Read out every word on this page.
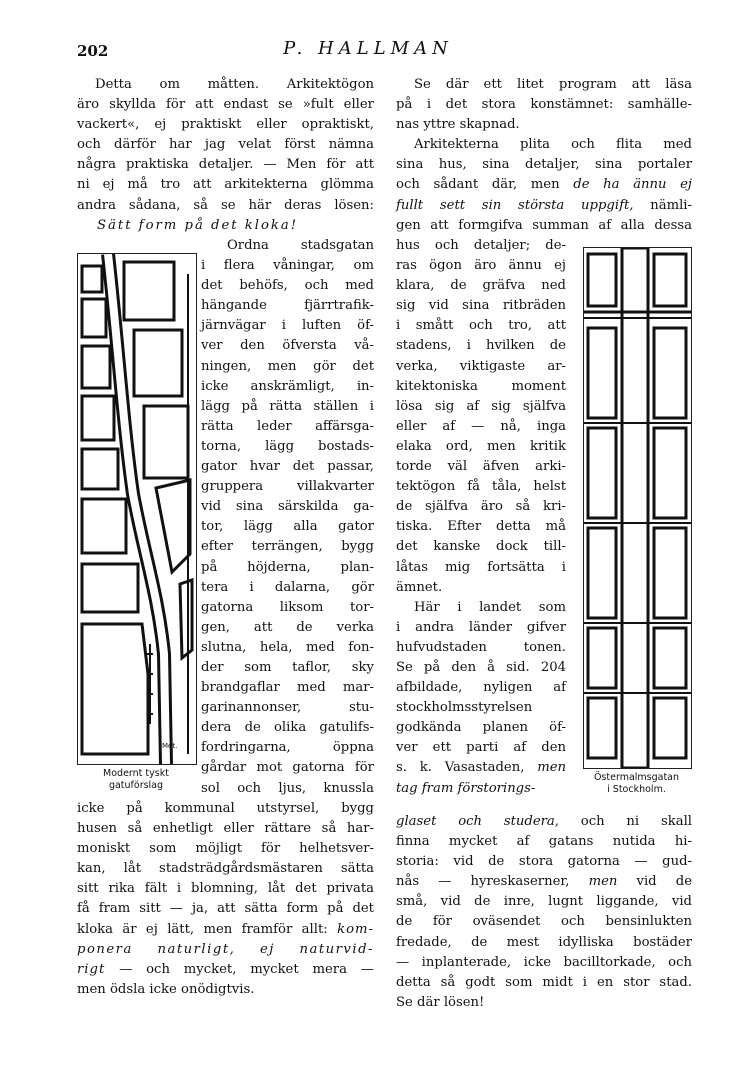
202	P. HALLMAN
Detta om måtten. Arkitektögon
äro skyllda för att endast se »fult eller
vackert«, ej praktiskt eller opraktiskt,
och därför har jag velat först nämna
några praktiska detaljer. — Men för att
ni ej må tro att arkitekterna glömma
andra sådana, så se här deras lösen:
Sätt form på det kloka!
Met.
Modernt tyskt
gatuförslag
Ordna stadsgatan
i flera våningar, om
det behöfs, och med
hängande fjärrtrafik-
järnvägar i luften öf-
ver den öfversta vå-
ningen, men gör det
icke anskrämligt, in-
lägg på rätta ställen i
rätta leder affärsga-
torna, lägg bostads-
gator hvar det passar,
gruppera villakvarter
vid sina särskilda ga-
tor, lägg alla gator
efter terrängen, bygg
på höjderna, plan-
tera i dalarna, gör
gatorna liksom tor-
gen, att de verka
slutna, hela, med fon-
der som taflor, sky
brandgaflar med mar-
garinannonser, stu-
dera de olika gatulifs-
fordringarna, öppna
gårdar mot gatorna för
sol och ljus, knussla
icke på kommunal utstyrsel, bygg
husen så enhetligt eller rättare så har-
moniskt som möjligt för helhetsver-
kan, låt stadsträdgårdsmästaren sätta
sitt rika fält i blomning, låt det privata
få fram sitt — ja, att sätta form på det
kloka är ej lätt, men framför allt: kom-
ponera naturligt, ej naturvid-
rigt — och mycket, mycket mera —
men ödsla icke onödigtvis.
Se där ett litet program att läsa
på i det stora konstämnet: samhälle-
nas yttre skapnad.
Arkitekterna plita och flita med
sina hus, sina detaljer, sina portaler
och sådant där, men de ha ännu ej
fullt sett sin största uppgift, nämli-
gen att formgifva summan af alla dessa
hus och detaljer; de-
ras ögon äro ännu ej
klara, de gräfva ned
sig vid sina ritbräden
i smått och tro, att
stadens, i hvilken de
verka, viktigaste ar-
kitektoniska moment
lösa sig af sig själfva
eller af — nå, inga
elaka ord, men kritik
torde väl äfven arki-
tektögon få tåla, helst
de själfva äro så kri-
tiska. Efter detta må
det kanske dock till-
låtas mig fortsätta i
ämnet.
Här i landet som
i andra länder gifver
hufvudstaden tonen.
Se på den å sid. 204
afbildade, nyligen af
stockholmsstyrelsen
godkända planen öf-
ver ett parti af den
s. k. Vasastaden, men
tag fram förstorings-
Östermalmsgatan
i Stockholm.
glaset och studera, och ni skall
finna mycket af gatans nutida hi-
storia: vid de stora gatorna — gud-
nås — hyreskaserner, men vid de
små, vid de inre, lugnt liggande, vid
de för oväsendet och bensinlukten
fredade, de mest idylliska bostäder
— inplanterade, icke bacilltorkade, och
detta så godt som midt i en stor stad.
Se där lösen!
